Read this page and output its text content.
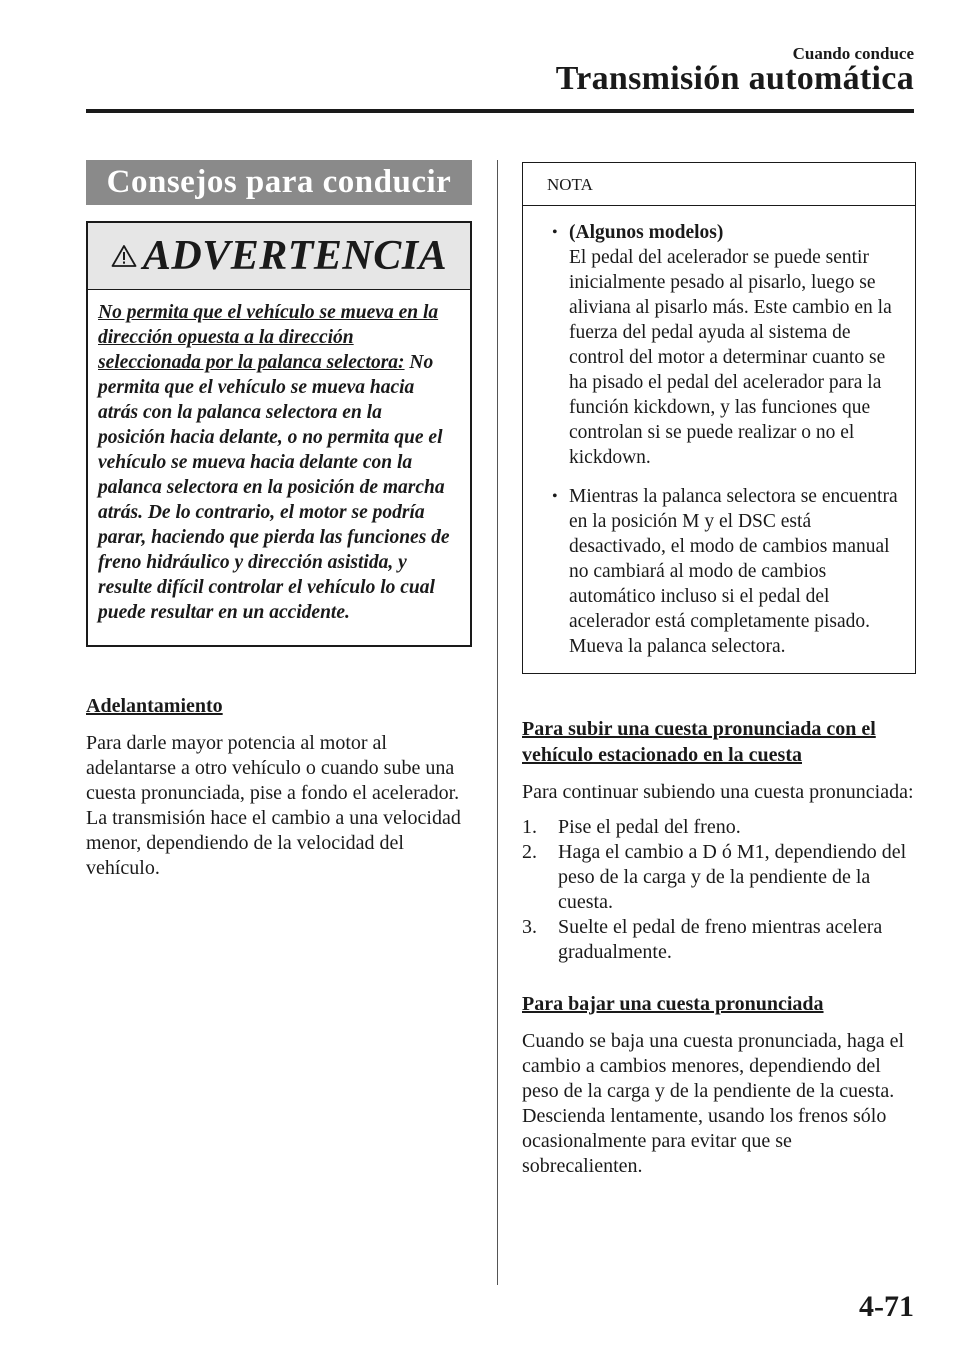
Cuando conduce

Transmisión automática
Consejos para conducir
ADVERTENCIA

No permita que el vehículo se mueva en la dirección opuesta a la dirección seleccionada por la palanca selectora: No permita que el vehículo se mueva hacia atrás con la palanca selectora en la posición hacia delante, o no permita que el vehículo se mueva hacia delante con la palanca selectora en la posición de marcha atrás. De lo contrario, el motor se podría parar, haciendo que pierda las funciones de freno hidráulico y dirección asistida, y resulte difícil controlar el vehículo lo cual puede resultar en un accidente.

Adelantamiento

Para darle mayor potencia al motor al adelantarse a otro vehículo o cuando sube una cuesta pronunciada, pise a fondo el acelerador. La transmisión hace el cambio a una velocidad menor, dependiendo de la velocidad del vehículo.

NOTA
• (Algunos modelos)
El pedal del acelerador se puede sentir inicialmente pesado al pisarlo, luego se aliviana al pisarlo más. Este cambio en la fuerza del pedal ayuda al sistema de control del motor a determinar cuanto se ha pisado el pedal del acelerador para la función kickdown, y las funciones que controlan si se puede realizar o no el kickdown.
• Mientras la palanca selectora se encuentra en la posición M y el DSC está desactivado, el modo de cambios manual no cambiará al modo de cambios automático incluso si el pedal del acelerador está completamente pisado. Mueva la palanca selectora.
Para subir una cuesta pronunciada con el vehículo estacionado en la cuesta

Para continuar subiendo una cuesta pronunciada:

1. Pise el pedal del freno.
2. Haga el cambio a D ó M1, dependiendo del peso de la carga y de la pendiente de la cuesta.
3. Suelte el pedal de freno mientras acelera gradualmente.
Para bajar una cuesta pronunciada

Cuando se baja una cuesta pronunciada, haga el cambio a cambios menores, dependiendo del peso de la carga y de la pendiente de la cuesta. Descienda lentamente, usando los frenos sólo ocasionalmente para evitar que se sobrecalienten.

4-71
